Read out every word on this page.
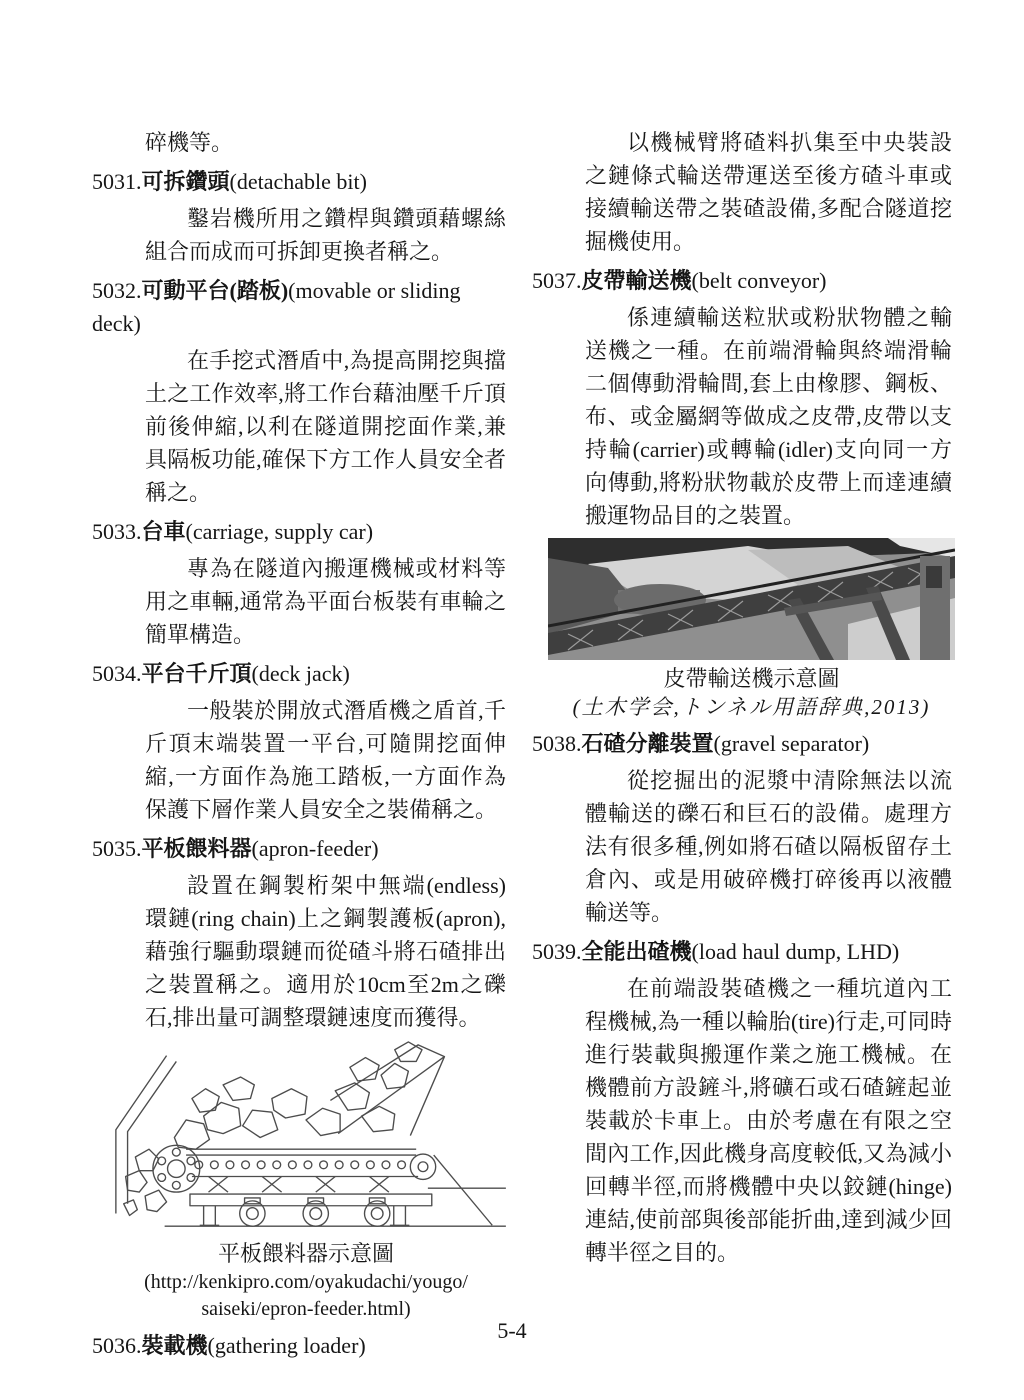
碎機等。

5031.可拆鑽頭(detachable bit)

鑿岩機所用之鑽桿與鑽頭藉螺絲組合而成而可拆卸更換者稱之。

5032.可動平台(踏板)(movable or sliding deck)

在手挖式潛盾中,為提高開挖與擋土之工作效率,將工作台藉油壓千斤頂前後伸縮,以利在隧道開挖面作業,兼具隔板功能,確保下方工作人員安全者稱之。

5033.台車(carriage, supply car)

專為在隧道內搬運機械或材料等用之車輛,通常為平面台板裝有車輪之簡單構造。

5034.平台千斤頂(deck jack)

一般裝於開放式潛盾機之盾首,千斤頂末端裝置一平台,可隨開挖面伸縮,一方面作為施工踏板,一方面作為保護下層作業人員安全之裝備稱之。

5035.平板餵料器(apron-feeder)

設置在鋼製桁架中無端(endless)環鏈(ring chain)上之鋼製護板(apron),藉強行驅動環鏈而從碴斗將石碴排出之裝置稱之。適用於10cm至2m之礫石,排出量可調整環鏈速度而獲得。

平板餵料器示意圖
(http://kenkipro.com/oyakudachi/yougo/
saiseki/epron-feeder.html)
5036.裝載機(gathering loader)

以機械臂將碴料扒集至中央裝設之鏈條式輪送帶運送至後方碴斗車或接續輸送帶之裝碴設備,多配合隧道挖掘機使用。

5037.皮帶輸送機(belt conveyor)

係連續輸送粒狀或粉狀物體之輸送機之一種。在前端滑輪與終端滑輪二個傳動滑輪間,套上由橡膠、鋼板、布、或金屬網等做成之皮帶,皮帶以支持輪(carrier)或轉輪(idler)支向同一方向傳動,將粉狀物載於皮帶上而達連續搬運物品目的之裝置。

皮帶輸送機示意圖
(土木学会,トンネル用語辞典,2013)
5038.石碴分離裝置(gravel separator)

從挖掘出的泥漿中清除無法以流體輸送的礫石和巨石的設備。處理方法有很多種,例如將石碴以隔板留存土倉內、或是用破碎機打碎後再以液體輸送等。

5039.全能出碴機(load haul dump, LHD)

在前端設裝碴機之一種坑道內工程機械,為一種以輪胎(tire)行走,可同時進行裝載與搬運作業之施工機械。在機體前方設鏟斗,將礦石或石碴鏟起並裝載於卡車上。由於考慮在有限之空間內工作,因此機身高度較低,又為減小回轉半徑,而將機體中央以鉸鏈(hinge)連結,使前部與後部能折曲,達到減少回轉半徑之目的。

5-4
